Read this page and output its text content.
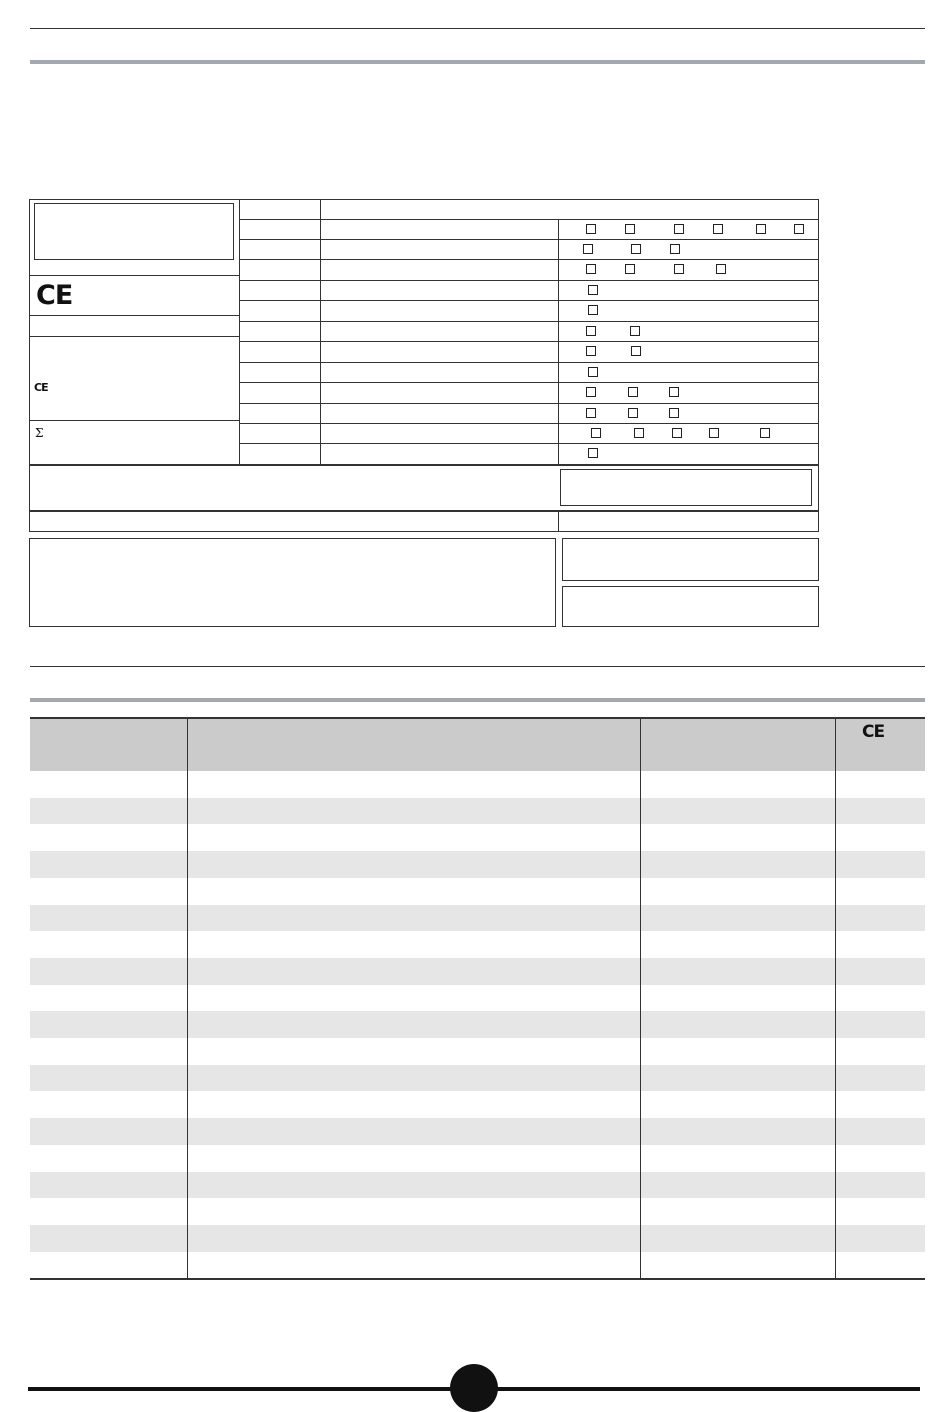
CE
CE
Σ
CE
